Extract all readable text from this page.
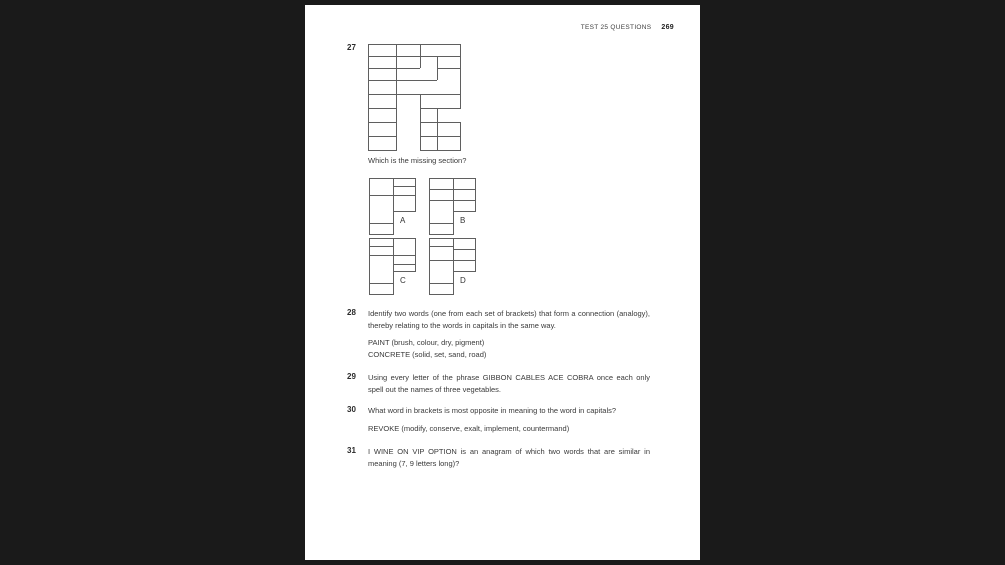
TEST 25 QUESTIONS 269
27
Which is the missing section?
A	B
C	D
28 Identify two words (one from each set of brackets) that form a connection (analogy), thereby relating to the words in capitals in the same way.

PAINT (brush, colour, dry, pigment)

CONCRETE (solid, set, sand, road)

29 Using every letter of the phrase GIBBON CABLES ACE COBRA once each only spell out the names of three vegetables.

30 What word in brackets is most opposite in meaning to the word in capitals?

REVOKE (modify, conserve, exalt, implement, countermand)

31 I WINE ON VIP OPTION is an anagram of which two words that are similar in meaning (7, 9 letters long)?
